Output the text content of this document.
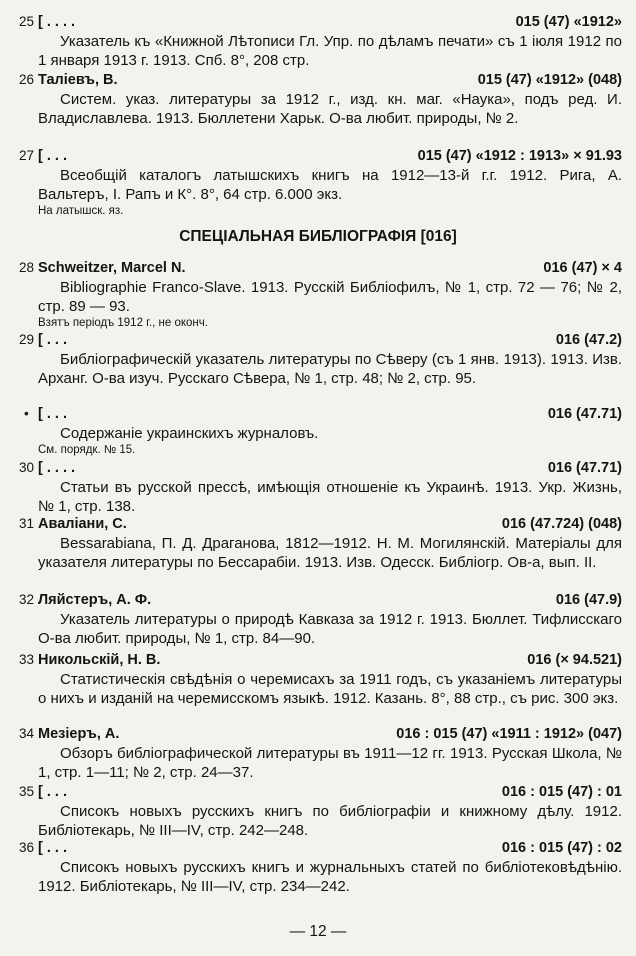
25 [ . . . .	015 (47) «1912»
Указатель къ «Книжной Лѣтописи Гл. Упр. по дѣламъ печати» съ 1 іюля 1912 по 1 января 1913 г. 1913. Спб. 8°, 208 стр.
26 Таліевъ, В.	015 (47) «1912» (048)
Систем. указ. литературы за 1912 г., изд. кн. маг. «Наука», подъ ред. И. Владиславлева. 1913. Бюллетени Харьк. О-ва любит. природы, № 2.
27 [ . . .	015 (47) «1912 : 1913» × 91.93
Всеобщій каталогъ латышскихъ книгъ на 1912—13-й г.г. 1912. Рига, А. Вальтеръ, І. Рапъ и К°. 8°, 64 стр. 6.000 экз.
На латышск. яз.
СПЕЦІАЛЬНАЯ БИБЛІОГРАФІЯ [016]
28 Schweitzer, Marcel N.	016 (47) × 4
Bibliographie Franco-Slave. 1913. Русскій Библіофилъ, № 1, стр. 72 — 76; № 2, стр. 89 — 93.
Взятъ періодъ 1912 г., не оконч.
29 [ . . .	016 (47.2)
Библіографическій указатель литературы по Сѣверу (съ 1 янв. 1913). 1913. Изв. Арханг. О-ва изуч. Русскаго Сѣвера, № 1, стр. 48; № 2, стр. 95.
• [ . . .	016 (47.71)
Содержаніе украинскихъ журналовъ.
См. порядк. № 15.
30 [ . . . .	016 (47.71)
Статьи въ русской прессѣ, имѣющія отношеніе къ Украинѣ. 1913. Укр. Жизнь, № 1, стр. 138.
31 Аваліани, С.	016 (47.724) (048)
Bessarabiana, П. Д. Драганова, 1812—1912. Н. М. Могилянскій. Матеріалы для указателя литературы по Бессарабіи. 1913. Изв. Одесск. Библіогр. Ов-а, вып. II.
32 Ляйстеръ, А. Ф.	016 (47.9)
Указатель литературы о природѣ Кавказа за 1912 г. 1913. Бюллет. Тифлисскаго О-ва любит. природы, № 1, стр. 84—90.
33 Никольскій, Н. В.	016 (× 94.521)
Статистическія свѣдѣнія о черемисахъ за 1911 годъ, съ указаніемъ литературы о нихъ и изданій на черемисскомъ языкѣ. 1912. Казань. 8°, 88 стр., съ рис. 300 экз.
34 Мезіеръ, А.	016 : 015 (47) «1911 : 1912» (047)
Обзоръ библіографической литературы въ 1911—12 гг. 1913. Русская Школа, № 1, стр. 1—11; № 2, стр. 24—37.
35 [ . . .	016 : 015 (47) : 01
Списокъ новыхъ русскихъ книгъ по библіографіи и книжному дѣлу. 1912. Библіотекарь, № III—IV, стр. 242—248.
36 [ . . .	016 : 015 (47) : 02
Списокъ новыхъ русскихъ книгъ и журнальныхъ статей по библіотековѣдѣнію. 1912. Библіотекарь, № III—IV, стр. 234—242.
— 12 —
